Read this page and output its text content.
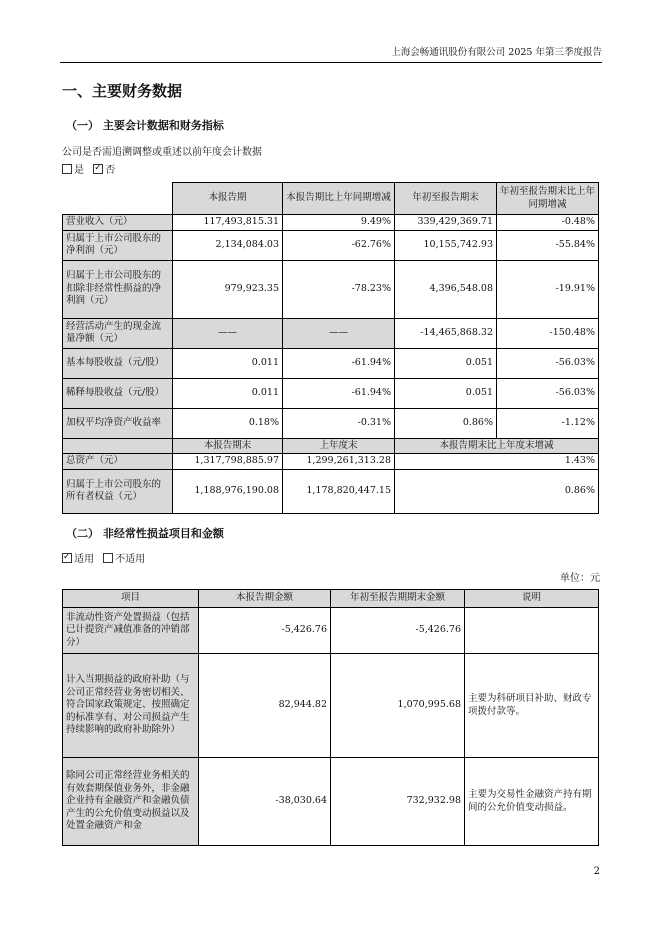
上海会畅通讯股份有限公司 2025 年第三季度报告
一、主要财务数据
（一） 主要会计数据和财务指标
公司是否需追溯调整或重述以前年度会计数据
是 ✓ 否
	本报告期	本报告期比上年同期增减	年初至报告期末	年初至报告期末比上年同期增减
营业收入（元）	117,493,815.31	9.49%	339,429,369.71	-0.48%
归属于上市公司股东的净利润（元）	2,134,084.03	-62.76%	10,155,742.93	-55.84%
归属于上市公司股东的扣除非经常性损益的净利润（元）	979,923.35	-78.23%	4,396,548.08	-19.91%
经营活动产生的现金流量净额（元）	——	——	-14,465,868.32	-150.48%
基本每股收益（元/股）	0.011	-61.94%	0.051	-56.03%
稀释每股收益（元/股）	0.011	-61.94%	0.051	-56.03%
加权平均净资产收益率	0.18%	-0.31%	0.86%	-1.12%
	本报告期末	上年度末	本报告期末比上年度末增减	
总资产（元）	1,317,798,885.97	1,299,261,313.28	1.43%	
归属于上市公司股东的所有者权益（元）	1,188,976,190.08	1,178,820,447.15	0.86%	
（二） 非经常性损益项目和金额
✓适用 不适用
单位：元
项目	本报告期金额	年初至报告期期末金额	说明
非流动性资产处置损益（包括已计提资产减值准备的冲销部分）	-5,426.76	-5,426.76	
计入当期损益的政府补助（与公司正常经营业务密切相关、符合国家政策规定、按照确定的标准享有、对公司损益产生持续影响的政府补助除外）	82,944.82	1,070,995.68	主要为科研项目补助、财政专项拨付款等。
除同公司正常经营业务相关的有效套期保值业务外，非金融企业持有金融资产和金融负债产生的公允价值变动损益以及处置金融资产和金	-38,030.64	732,932.98	主要为交易性金融资产持有期间的公允价值变动损益。
2
